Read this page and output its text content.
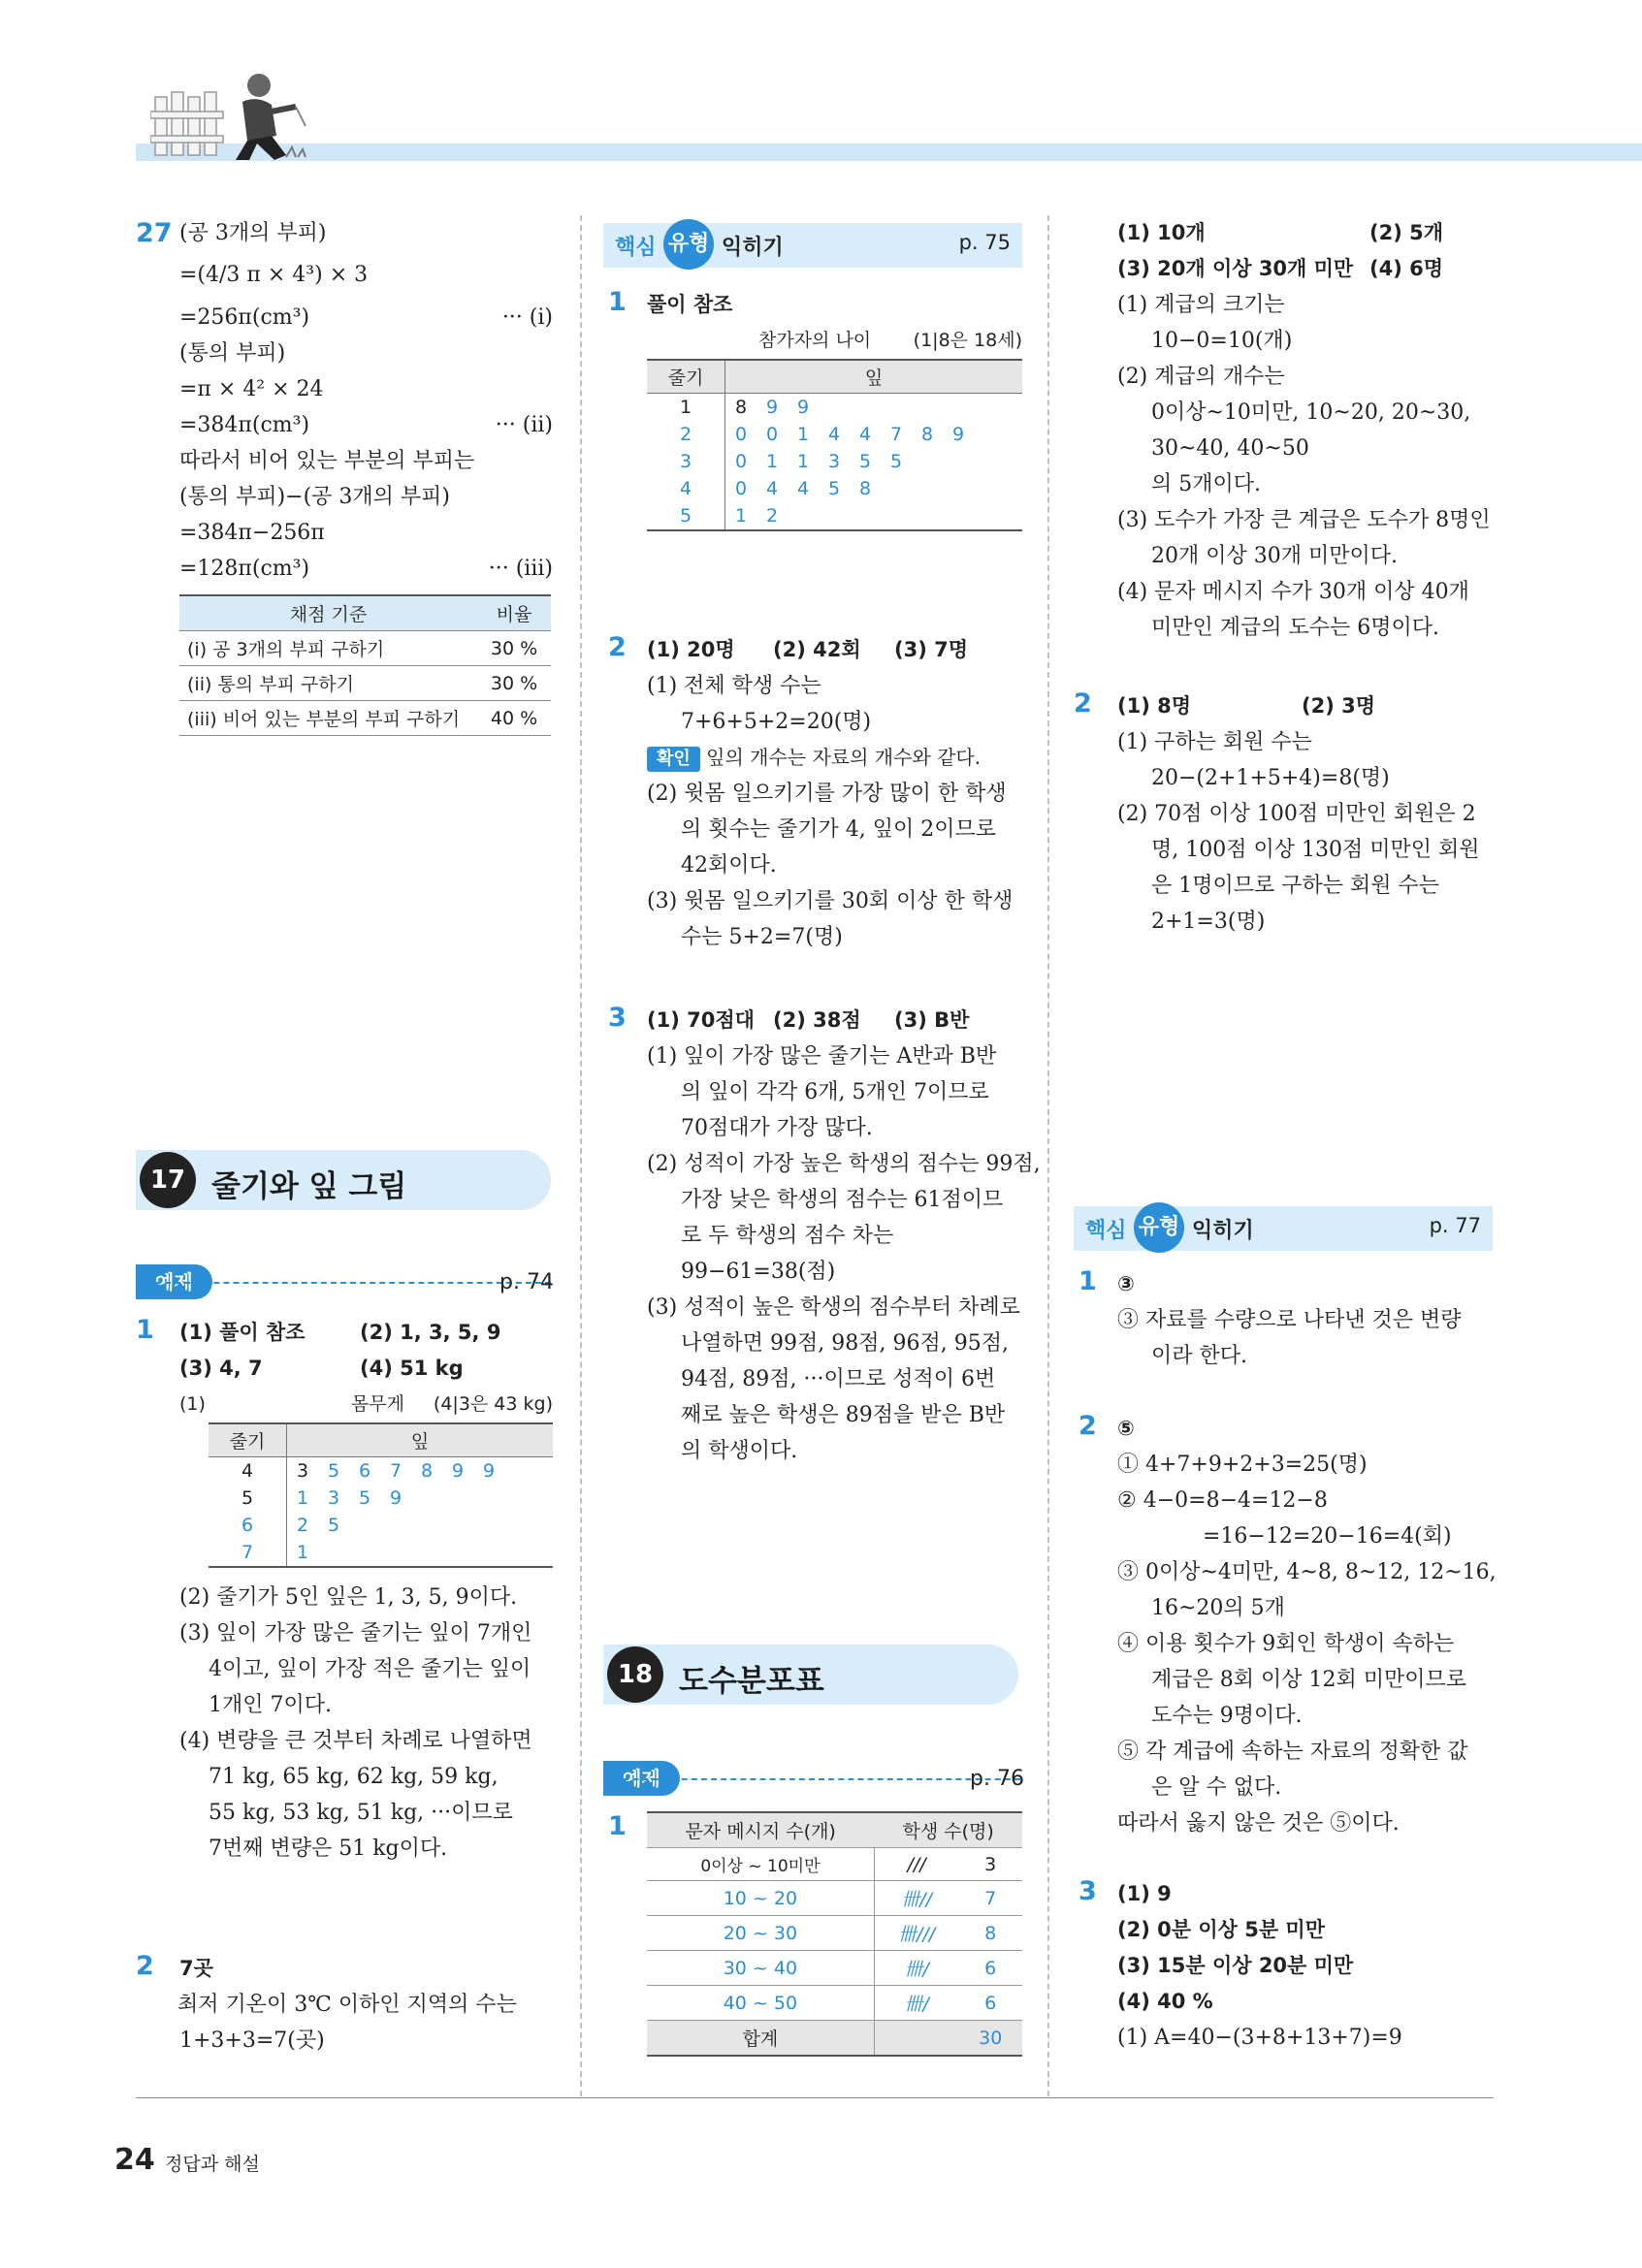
27 (공 3개의 부피)
=(4/3 π × 4³) × 3
=256π(cm³)	··· (i)
(통의 부피)
=π × 4² × 24
=384π(cm³)	··· (ii)
따라서 비어 있는 부분의 부피는
(통의 부피)−(공 3개의 부피)
=384π−256π
=128π(cm³)	··· (iii)
채점 기준	비율
(i) 공 3개의 부피 구하기	30 %
(ii) 통의 부피 구하기	30 %
(iii) 비어 있는 부분의 부피 구하기	40 %
17강
줄기와 잎 그림
예제	p. 74
1 (1) 풀이 참조	(2) 1, 3, 5, 9
(3) 4, 7	(4) 51 kg
(1)	몸무게 (4|3은 43 kg)
줄기	잎
4	3 5 6 7 8 9 9
5	1 3 5 9
6	2 5
7	1
(2) 줄기가 5인 잎은 1, 3, 5, 9이다.
(3) 잎이 가장 많은 줄기는 잎이 7개인
4이고, 잎이 가장 적은 줄기는 잎이
1개인 7이다.
(4) 변량을 큰 것부터 차례로 나열하면
71 kg, 65 kg, 62 kg, 59 kg,
55 kg, 53 kg, 51 kg, ···이므로
7번째 변량은 51 kg이다.
2 7곳
최저 기온이 3℃ 이하인 지역의 수는
1+3+3=7(곳)
핵심 유형 익히기	p. 75
1 풀이 참조
참가자의 나이 (1|8은 18세)
줄기	잎
1	8 9 9
2	0 0 1 4 4 7 8 9
3	0 1 1 3 5 5
4	0 4 4 5 8
5	1 2
2 (1) 20명 (2) 42회 (3) 7명
(1) 전체 학생 수는
7+6+5+2=20(명)
확인 잎의 개수는 자료의 개수와 같다.
(2) 윗몸 일으키기를 가장 많이 한 학생
의 횟수는 줄기가 4, 잎이 2이므로
42회이다.
(3) 윗몸 일으키기를 30회 이상 한 학생
수는 5+2=7(명)
3 (1) 70점대 (2) 38점 (3) B반
(1) 잎이 가장 많은 줄기는 A반과 B반
의 잎이 각각 6개, 5개인 7이므로
70점대가 가장 많다.
(2) 성적이 가장 높은 학생의 점수는 99점,
가장 낮은 학생의 점수는 61점이므
로 두 학생의 점수 차는
99−61=38(점)
(3) 성적이 높은 학생의 점수부터 차례로
나열하면 99점, 98점, 96점, 95점,
94점, 89점, ···이므로 성적이 6번
째로 높은 학생은 89점을 받은 B반
의 학생이다.
18강
도수분포표
예제	p. 76
1	문자 메시지 수(개)	학생 수(명)	
0이상 ~ 10미만	///	3
10 ~ 20	卌//	7
20 ~ 30	卌///	8
30 ~ 40	卌/	6
40 ~ 50	卌/	6
합계		30
(1) 10개	(2) 5개
(3) 20개 이상 30개 미만 (4) 6명
(1) 계급의 크기는
10−0=10(개)
(2) 계급의 개수는
0이상~10미만, 10~20, 20~30,
30~40, 40~50
의 5개이다.
(3) 도수가 가장 큰 계급은 도수가 8명인
20개 이상 30개 미만이다.
(4) 문자 메시지 수가 30개 이상 40개
미만인 계급의 도수는 6명이다.
2 (1) 8명	(2) 3명
(1) 구하는 회원 수는
20−(2+1+5+4)=8(명)
(2) 70점 이상 100점 미만인 회원은 2
명, 100점 이상 130점 미만인 회원
은 1명이므로 구하는 회원 수는
2+1=3(명)
핵심 유형 익히기	p. 77
1 ③
③ 자료를 수량으로 나타낸 것은 변량
이라 한다.
2 ⑤
① 4+7+9+2+3=25(명)
② 4−0=8−4=12−8
=16−12=20−16=4(회)
③ 0이상~4미만, 4~8, 8~12, 12~16,
16~20의 5개
④ 이용 횟수가 9회인 학생이 속하는
계급은 8회 이상 12회 미만이므로
도수는 9명이다.
⑤ 각 계급에 속하는 자료의 정확한 값
은 알 수 없다.
따라서 옳지 않은 것은 ⑤이다.
3 (1) 9
(2) 0분 이상 5분 미만
(3) 15분 이상 20분 미만
(4) 40 %
(1) A=40−(3+8+13+7)=9
24 정답과 해설
